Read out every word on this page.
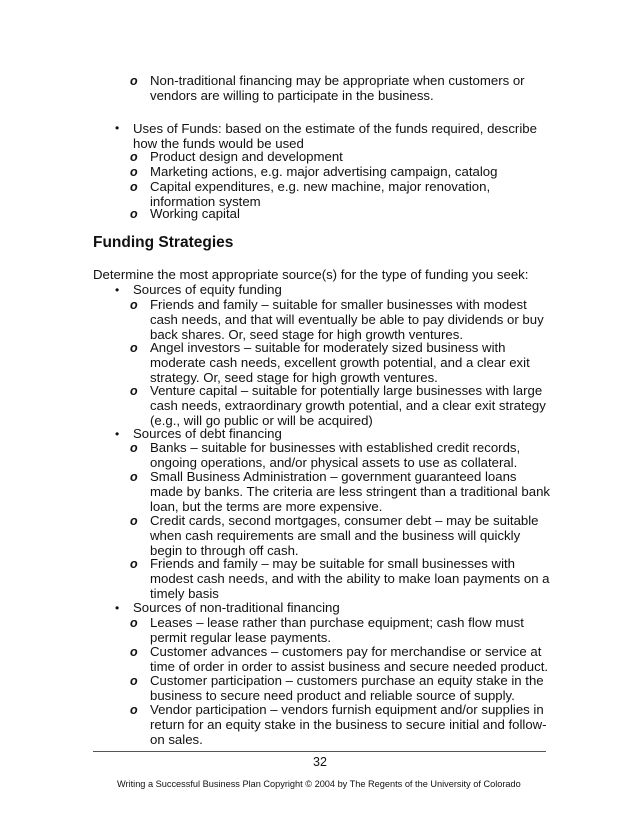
o Non-traditional financing may be appropriate when customers or vendors are willing to participate in the business.
• Uses of Funds: based on the estimate of the funds required, describe how the funds would be used
o Product design and development
o Marketing actions, e.g. major advertising campaign, catalog
o Capital expenditures, e.g. new machine, major renovation, information system
o Working capital
Funding Strategies
Determine the most appropriate source(s) for the type of funding you seek:
• Sources of equity funding
o Friends and family – suitable for smaller businesses with modest cash needs, and that will eventually be able to pay dividends or buy back shares. Or, seed stage for high growth ventures.
o Angel investors – suitable for moderately sized business with moderate cash needs, excellent growth potential, and a clear exit strategy. Or, seed stage for high growth ventures.
o Venture capital – suitable for potentially large businesses with large cash needs, extraordinary growth potential, and a clear exit strategy (e.g., will go public or will be acquired)
• Sources of debt financing
o Banks – suitable for businesses with established credit records, ongoing operations, and/or physical assets to use as collateral.
o Small Business Administration – government guaranteed loans made by banks. The criteria are less stringent than a traditional bank loan, but the terms are more expensive.
o Credit cards, second mortgages, consumer debt – may be suitable when cash requirements are small and the business will quickly begin to through off cash.
o Friends and family – may be suitable for small businesses with modest cash needs, and with the ability to make loan payments on a timely basis
• Sources of non-traditional financing
o Leases – lease rather than purchase equipment; cash flow must permit regular lease payments.
o Customer advances – customers pay for merchandise or service at time of order in order to assist business and secure needed product.
o Customer participation – customers purchase an equity stake in the business to secure need product and reliable source of supply.
o Vendor participation – vendors furnish equipment and/or supplies in return for an equity stake in the business to secure initial and follow-on sales.
32
Writing a Successful Business Plan Copyright © 2004 by The Regents of the University of Colorado
